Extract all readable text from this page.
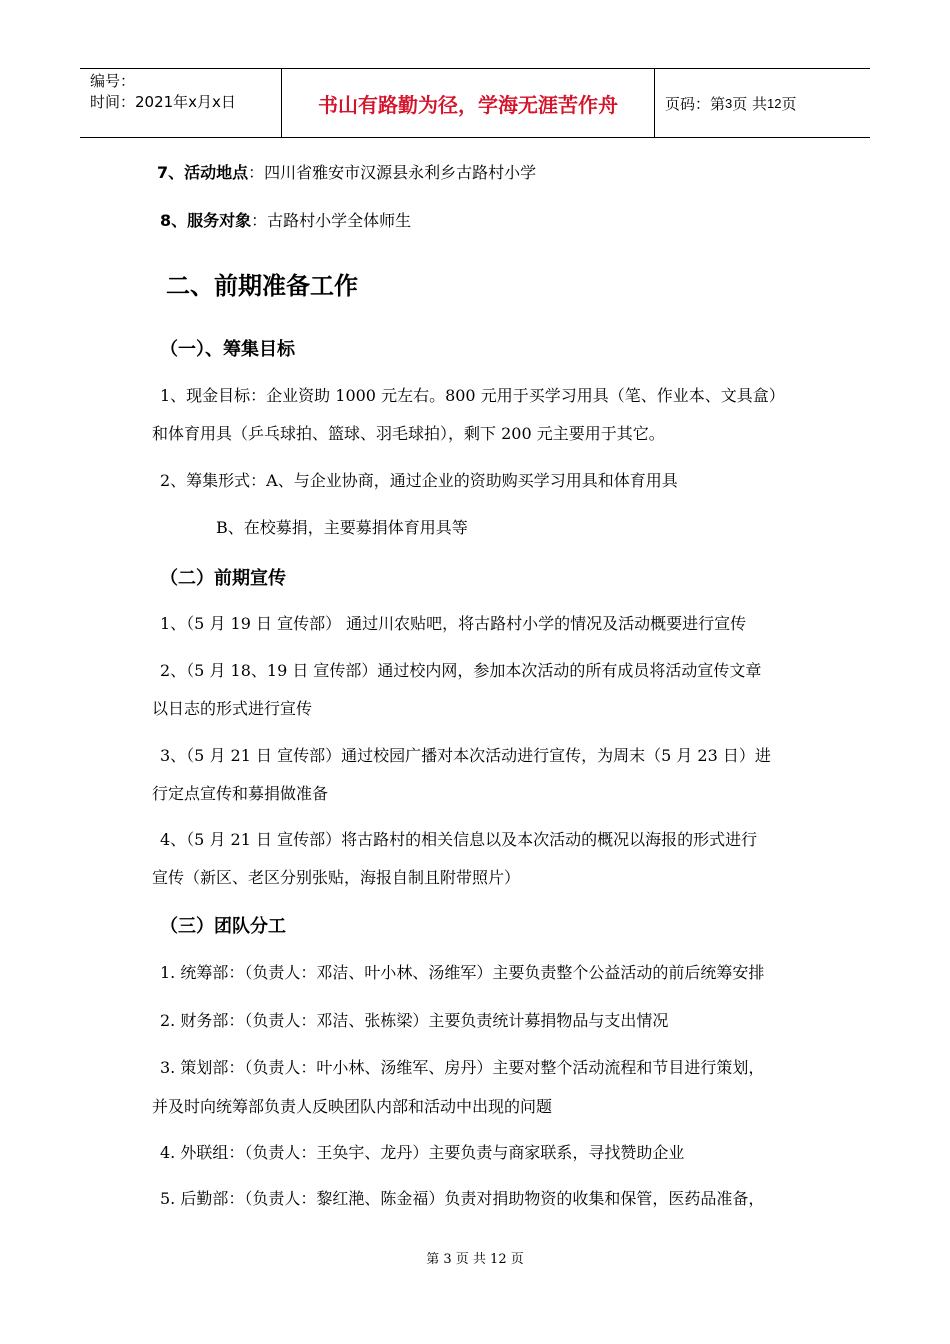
编号：
时间：2021年x月x日	书山有路勤为径，学海无涯苦作舟	页码：第 3 页 共 12 页
7、活动地点：四川省雅安市汉源县永利乡古路村小学
8、服务对象：古路村小学全体师生
二、前期准备工作
（一）、筹集目标
1、现金目标：企业资助 1000 元左右。800 元用于买学习用具（笔、作业本、文具盒）
和体育用具（乒乓球拍、篮球、羽毛球拍），剩下 200 元主要用于其它。
2、筹集形式：A、与企业协商，通过企业的资助购买学习用具和体育用具
B、在校募捐，主要募捐体育用具等
（二）前期宣传
1、（5 月 19 日 宣传部） 通过川农贴吧，将古路村小学的情况及活动概要进行宣传
2、（5 月 18、19 日 宣传部）通过校内网，参加本次活动的所有成员将活动宣传文章
以日志的形式进行宣传
3、（5 月 21 日 宣传部）通过校园广播对本次活动进行宣传，为周末（5 月 23 日）进
行定点宣传和募捐做准备
4、（5 月 21 日 宣传部）将古路村的相关信息以及本次活动的概况以海报的形式进行
宣传（新区、老区分别张贴，海报自制且附带照片）
（三）团队分工
1. 统筹部：（负责人：邓洁、叶小林、汤维军）主要负责整个公益活动的前后统筹安排
2. 财务部：（负责人：邓洁、张栋梁）主要负责统计募捐物品与支出情况
3. 策划部：（负责人：叶小林、汤维军、房丹）主要对整个活动流程和节目进行策划，
并及时向统筹部负责人反映团队内部和活动中出现的问题
4. 外联组：（负责人：王奂宇、龙丹）主要负责与商家联系，寻找赞助企业
5. 后勤部：（负责人：黎红滟、陈金福）负责对捐助物资的收集和保管，医药品准备，
第 3 页 共 12 页
